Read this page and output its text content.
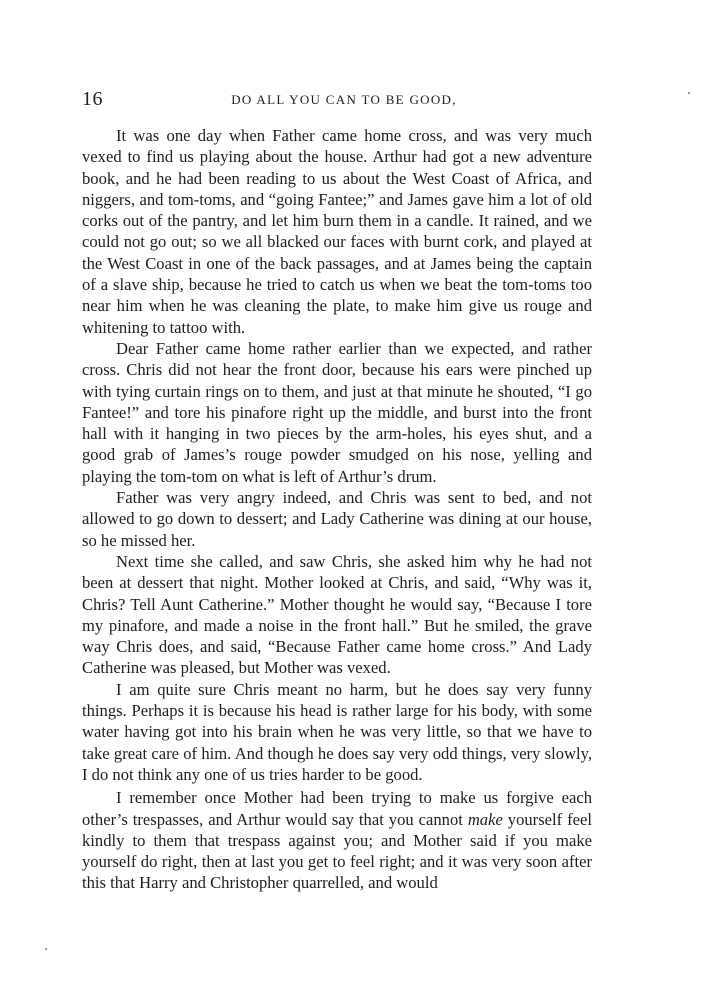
16	DO ALL YOU CAN TO BE GOOD,

It was one day when Father came home cross, and was very much vexed to find us playing about the house. Arthur had got a new adventure book, and he had been reading to us about the West Coast of Africa, and niggers, and tom-toms, and “going Fantee;” and James gave him a lot of old corks out of the pantry, and let him burn them in a candle. It rained, and we could not go out; so we all blacked our faces with burnt cork, and played at the West Coast in one of the back passages, and at James being the captain of a slave ship, because he tried to catch us when we beat the tom-toms too near him when he was cleaning the plate, to make him give us rouge and whitening to tattoo with.

Dear Father came home rather earlier than we expected, and rather cross. Chris did not hear the front door, because his ears were pinched up with tying curtain rings on to them, and just at that minute he shouted, “I go Fantee!” and tore his pinafore right up the middle, and burst into the front hall with it hanging in two pieces by the arm-holes, his eyes shut, and a good grab of James’s rouge powder smudged on his nose, yelling and playing the tom-tom on what is left of Arthur’s drum.

Father was very angry indeed, and Chris was sent to bed, and not allowed to go down to dessert; and Lady Catherine was dining at our house, so he missed her.

Next time she called, and saw Chris, she asked him why he had not been at dessert that night. Mother looked at Chris, and said, “Why was it, Chris? Tell Aunt Catherine.” Mother thought he would say, “Because I tore my pinafore, and made a noise in the front hall.” But he smiled, the grave way Chris does, and said, “Because Father came home cross.” And Lady Catherine was pleased, but Mother was vexed.

I am quite sure Chris meant no harm, but he does say very funny things. Perhaps it is because his head is rather large for his body, with some water having got into his brain when he was very little, so that we have to take great care of him. And though he does say very odd things, very slowly, I do not think any one of us tries harder to be good.

I remember once Mother had been trying to make us forgive each other’s trespasses, and Arthur would say that you cannot make yourself feel kindly to them that trespass against you; and Mother said if you make yourself do right, then at last you get to feel right; and it was very soon after this that Harry and Christopher quarrelled, and would
